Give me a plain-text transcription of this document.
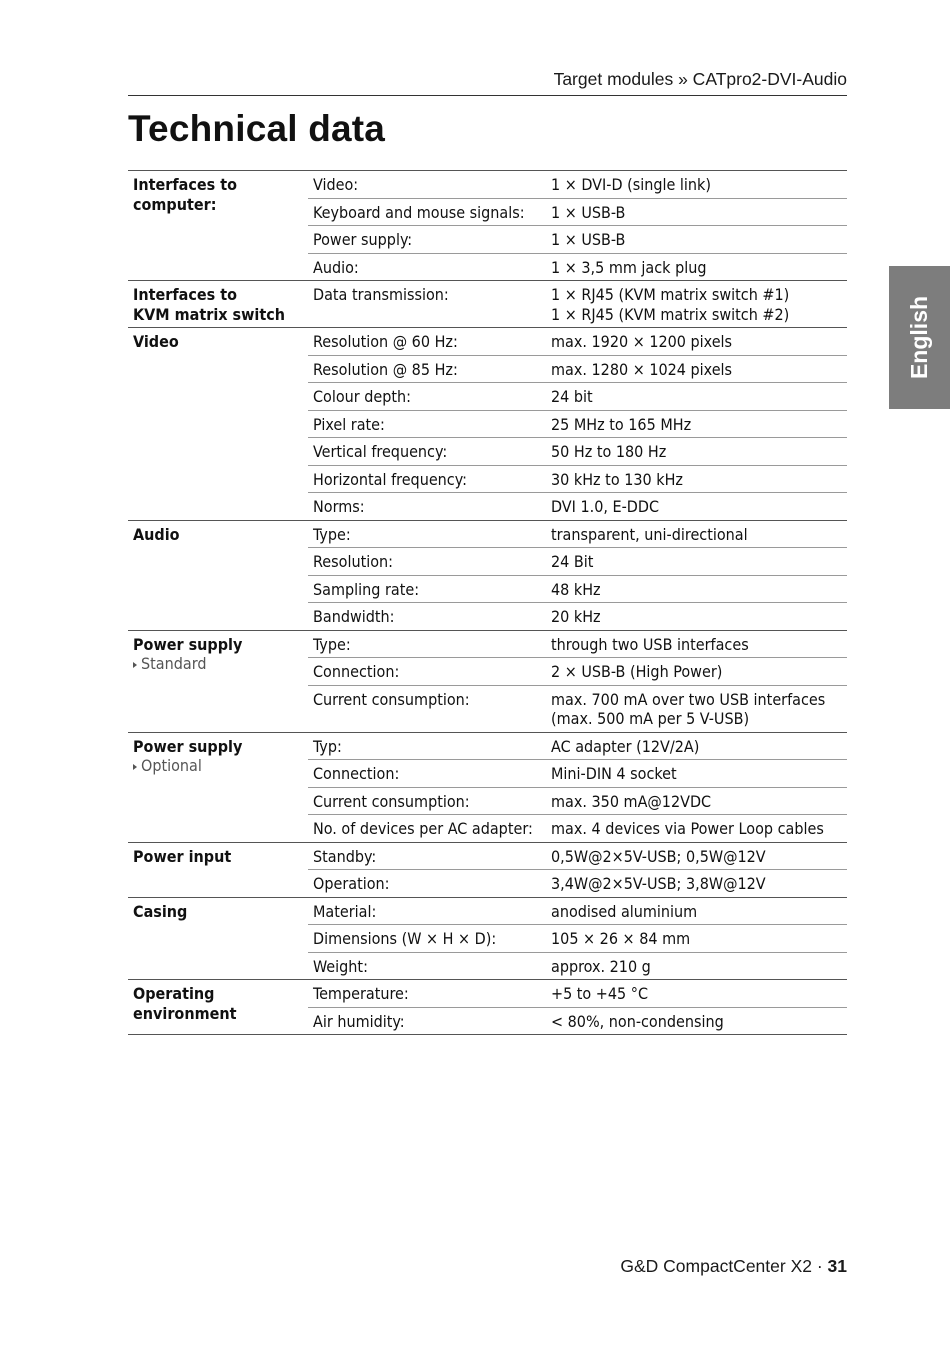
Target modules » CATpro2-DVI-Audio
Technical data
English
Interfaces to
computer:	Video:	1 × DVI-D (single link)
	Keyboard and mouse signals:	1 × USB-B
	Power supply:	1 × USB-B
	Audio:	1 × 3,5 mm jack plug

Interfaces to
KVM matrix switch	Data transmission:	1 × RJ45 (KVM matrix switch #1)
1 × RJ45 (KVM matrix switch #2)

Video	Resolution @ 60 Hz:	max. 1920 × 1200 pixels
	Resolution @ 85 Hz:	max. 1280 × 1024 pixels
	Colour depth:	24 bit
	Pixel rate:	25 MHz to 165 MHz
	Vertical frequency:	50 Hz to 180 Hz
	Horizontal frequency:	30 kHz to 130 kHz
	Norms:	DVI 1.0, E-DDC

Audio	Type:	transparent, uni-directional
	Resolution:	24 Bit
	Sampling rate:	48 kHz
	Bandwidth:	20 kHz

Power supply
Standard	Type:	through two USB interfaces
	Connection:	2 × USB-B (High Power)
	Current consumption:	max. 700 mA over two USB interfaces
(max. 500 mA per 5 V-USB)

Power supply
Optional	Typ:	AC adapter (12V/2A)
	Connection:	Mini-DIN 4 socket
	Current consumption:	max. 350 mA@12VDC
	No. of devices per AC adapter:	max. 4 devices via Power Loop cables

Power input	Standby:	0,5W@2×5V-USB; 0,5W@12V
	Operation:	3,4W@2×5V-USB; 3,8W@12V

Casing	Material:	anodised aluminium
	Dimensions (W × H × D):	105 × 26 × 84 mm
	Weight:	approx. 210 g

Operating
environment	Temperature:	+5 to +45 °C
	Air humidity:	< 80%, non-condensing
G&D CompactCenter X2 · 31
